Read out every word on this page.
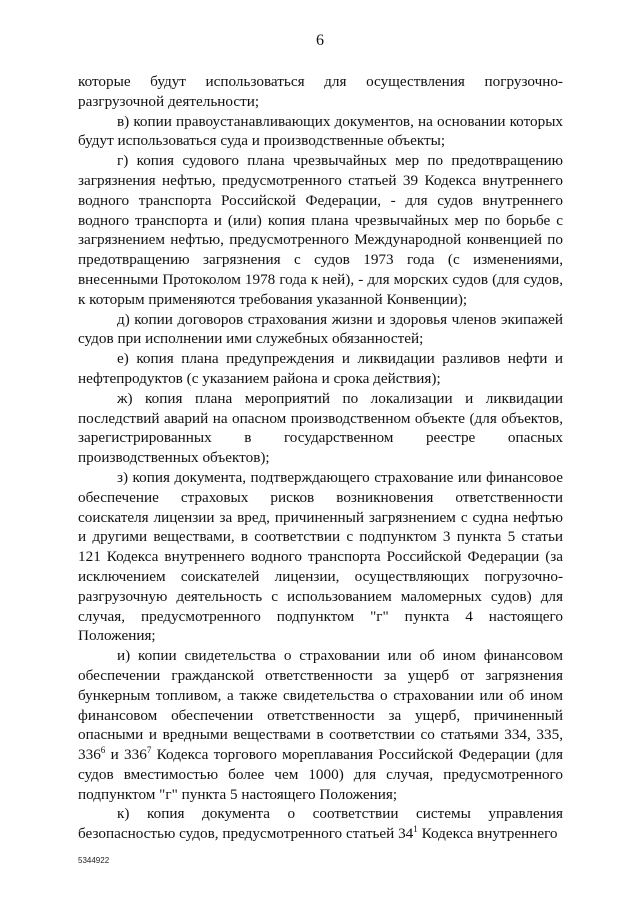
6

которые будут использоваться для осуществления погрузочно-разгрузочной деятельности;

в) копии правоустанавливающих документов, на основании которых будут использоваться суда и производственные объекты;

г) копия судового плана чрезвычайных мер по предотвращению загрязнения нефтью, предусмотренного статьей 39 Кодекса внутреннего водного транспорта Российской Федерации, - для судов внутреннего водного транспорта и (или) копия плана чрезвычайных мер по борьбе с загрязнением нефтью, предусмотренного Международной конвенцией по предотвращению загрязнения с судов 1973 года (с изменениями, внесенными Протоколом 1978 года к ней), - для морских судов (для судов, к которым применяются требования указанной Конвенции);

д) копии договоров страхования жизни и здоровья членов экипажей судов при исполнении ими служебных обязанностей;

е) копия плана предупреждения и ликвидации разливов нефти и нефтепродуктов (с указанием района и срока действия);

ж) копия плана мероприятий по локализации и ликвидации последствий аварий на опасном производственном объекте (для объектов, зарегистрированных в государственном реестре опасных производственных объектов);

з) копия документа, подтверждающего страхование или финансовое обеспечение страховых рисков возникновения ответственности соискателя лицензии за вред, причиненный загрязнением с судна нефтью и другими веществами, в соответствии с подпунктом 3 пункта 5 статьи 121 Кодекса внутреннего водного транспорта Российской Федерации (за исключением соискателей лицензии, осуществляющих погрузочно-разгрузочную деятельность с использованием маломерных судов) для случая, предусмотренного подпунктом "г" пункта 4 настоящего Положения;

и) копии свидетельства о страховании или об ином финансовом обеспечении гражданской ответственности за ущерб от загрязнения бункерным топливом, а также свидетельства о страховании или об ином финансовом обеспечении ответственности за ущерб, причиненный опасными и вредными веществами в соответствии со статьями 334, 335, $336^6$ и $336^7$ Кодекса торгового мореплавания Российской Федерации (для судов вместимостью более чем 1000) для случая, предусмотренного подпунктом "г" пункта 5 настоящего Положения;

к) копия документа о соответствии системы управления безопасностью судов, предусмотренного статьей $34^1$ Кодекса внутреннего

5344922
